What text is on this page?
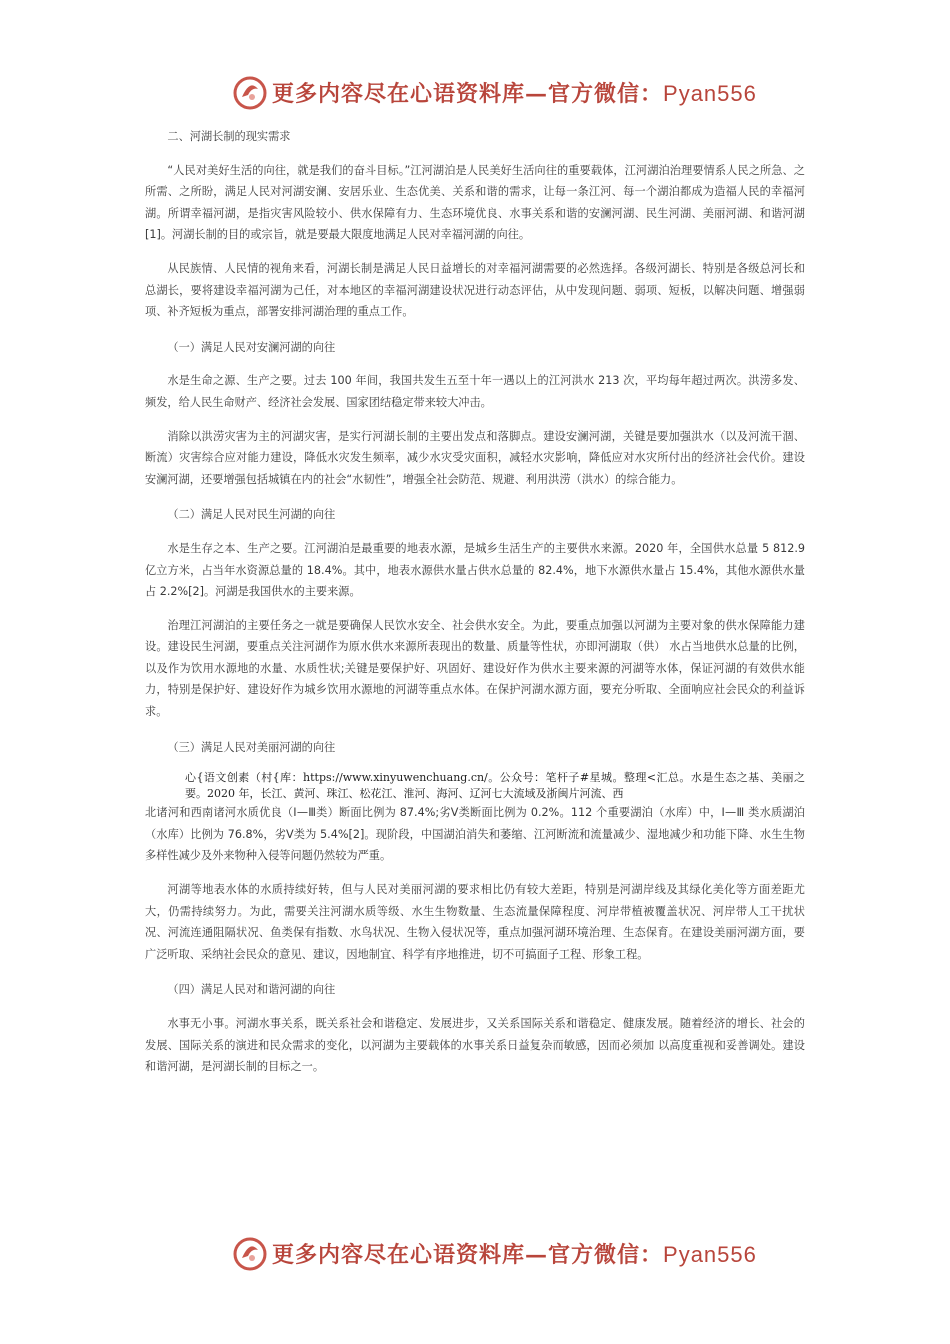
更多内容尽在心语资料库—官方微信：Pyan556

二、河湖长制的现实需求

“人民对美好生活的向往，就是我们的奋斗目标。”江河湖泊是人民美好生活向往的重要载体，江河湖泊治理要情系人民之所急、之所需、之所盼，满足人民对河湖安澜、安居乐业、生态优美、关系和谐的需求，让每一条江河、每一个湖泊都成为造福人民的幸福河湖。所谓幸福河湖，是指灾害风险较小、供水保障有力、生态环境优良、水事关系和谐的安澜河湖、民生河湖、美丽河湖、和谐河湖[1]。河湖长制的目的或宗旨，就是要最大限度地满足人民对幸福河湖的向往。

从民族情、人民情的视角来看，河湖长制是满足人民日益增长的对幸福河湖需要的必然选择。各级河湖长、特别是各级总河长和总湖长，要将建设幸福河湖为己任，对本地区的幸福河湖建设状况进行动态评估，从中发现问题、弱项、短板，以解决问题、增强弱项、补齐短板为重点，部署安排河湖治理的重点工作。

（一）满足人民对安澜河湖的向往

水是生命之源、生产之要。过去 100 年间，我国共发生五至十年一遇以上的江河洪水 213 次，平均每年超过两次。洪涝多发、频发，给人民生命财产、经济社会发展、国家团结稳定带来较大冲击。

消除以洪涝灾害为主的河湖灾害，是实行河湖长制的主要出发点和落脚点。建设安澜河湖，关键是要加强洪水（以及河流干涸、断流）灾害综合应对能力建设，降低水灾发生频率，减少水灾受灾面积，减轻水灾影响，降低应对水灾所付出的经济社会代价。建设安澜河湖，还要增强包括城镇在内的社会“水韧性”，增强全社会防范、规避、利用洪涝（洪水）的综合能力。

（二）满足人民对民生河湖的向往

水是生存之本、生产之要。江河湖泊是最重要的地表水源，是城乡生活生产的主要供水来源。2020 年，全国供水总量 5 812.9 亿立方米，占当年水资源总量的 18.4%。其中，地表水源供水量占供水总量的 82.4%，地下水源供水量占 15.4%，其他水源供水量占 2.2%[2]。河湖是我国供水的主要来源。

治理江河湖泊的主要任务之一就是要确保人民饮水安全、社会供水安全。为此，要重点加强以河湖为主要对象的供水保障能力建设。建设民生河湖，要重点关注河湖作为原水供水来源所表现出的数量、质量等性状，亦即河湖取（供） 水占当地供水总量的比例，以及作为饮用水源地的水量、水质性状;关键是要保护好、巩固好、建设好作为供水主要来源的河湖等水体，保证河湖的有效供水能力，特别是保护好、建设好作为城乡饮用水源地的河湖等重点水体。在保护河湖水源方面，要充分听取、全面响应社会民众的利益诉求。

（三）满足人民对美丽河湖的向往

心{语文创素（村{库：https://www.xinyuwenchuang.cn/。公众号：笔杆子#星城。整理<汇总。水是生态之基、美丽之要。2020 年，长江、黄河、珠江、松花江、淮河、海河、辽河七大流域及浙闽片河流、西

北诸河和西南诸河水质优良（Ⅰ—Ⅲ类）断面比例为 87.4%;劣Ⅴ类断面比例为 0.2%。112 个重要湖泊（水库）中，Ⅰ—Ⅲ 类水质湖泊（水库）比例为 76.8%，劣Ⅴ类为 5.4%[2]。现阶段，中国湖泊消失和萎缩、江河断流和流量减少、湿地减少和功能下降、水生生物多样性减少及外来物种入侵等问题仍然较为严重。

河湖等地表水体的水质持续好转，但与人民对美丽河湖的要求相比仍有较大差距，特别是河湖岸线及其绿化美化等方面差距尤大，仍需持续努力。为此，需要关注河湖水质等级、水生生物数量、生态流量保障程度、河岸带植被覆盖状况、河岸带人工干扰状况、河流连通阻隔状况、鱼类保有指数、水鸟状况、生物入侵状况等，重点加强河湖环境治理、生态保育。在建设美丽河湖方面，要广泛听取、采纳社会民众的意见、建议，因地制宜、科学有序地推进，切不可搞面子工程、形象工程。

（四）满足人民对和谐河湖的向往

水事无小事。河湖水事关系，既关系社会和谐稳定、发展进步，又关系国际关系和谐稳定、健康发展。随着经济的增长、社会的发展、国际关系的演进和民众需求的变化，以河湖为主要载体的水事关系日益复杂而敏感，因而必须加 以高度重视和妥善调处。建设和谐河湖，是河湖长制的目标之一。

更多内容尽在心语资料库—官方微信：Pyan556
